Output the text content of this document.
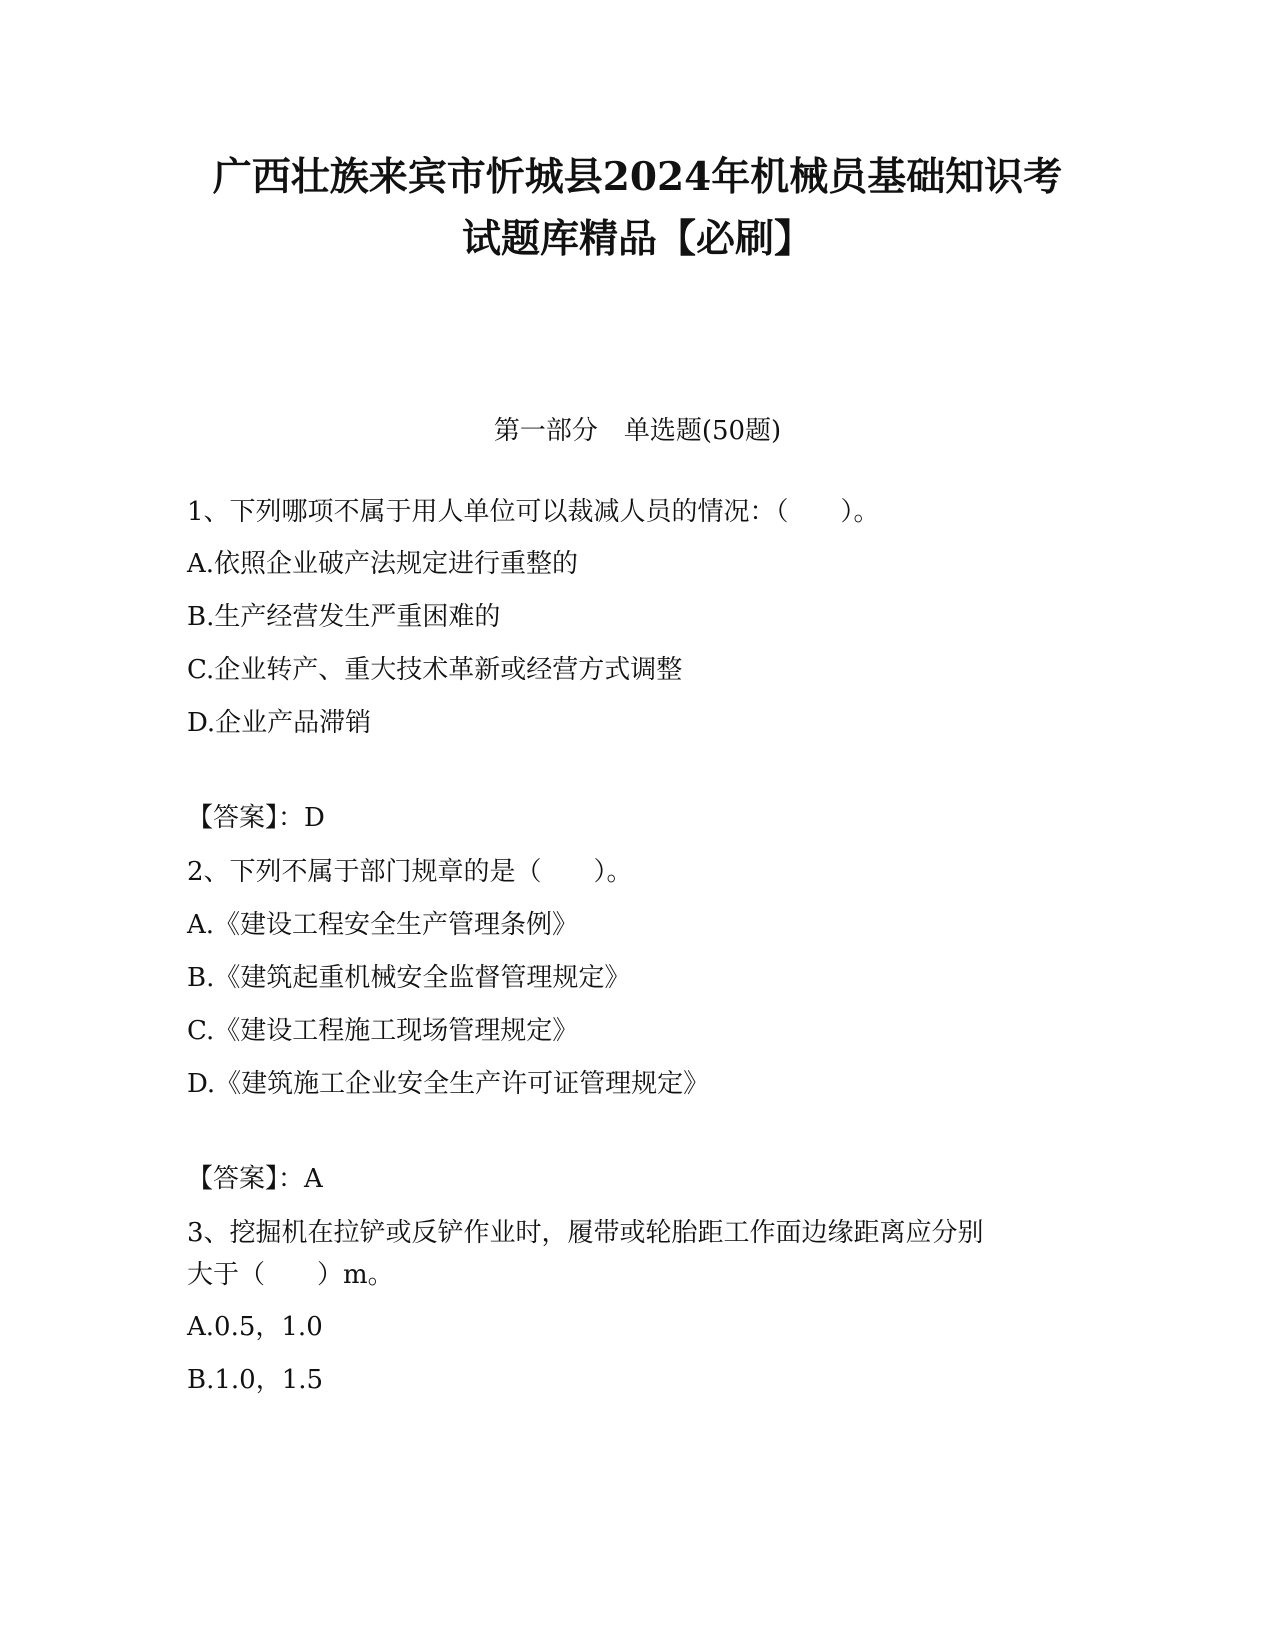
广西壮族来宾市忻城县2024年机械员基础知识考
试题库精品【必刷】
第一部分　单选题(50题)
1、下列哪项不属于用人单位可以裁减人员的情况：（　　）。
A.依照企业破产法规定进行重整的
B.生产经营发生严重困难的
C.企业转产、重大技术革新或经营方式调整
D.企业产品滞销
【答案】：D
2、下列不属于部门规章的是（　　）。
A.《建设工程安全生产管理条例》
B.《建筑起重机械安全监督管理规定》
C.《建设工程施工现场管理规定》
D.《建筑施工企业安全生产许可证管理规定》
【答案】：A
3、挖掘机在拉铲或反铲作业时，履带或轮胎距工作面边缘距离应分别
大于（　　）m。
A.0.5，1.0
B.1.0，1.5
